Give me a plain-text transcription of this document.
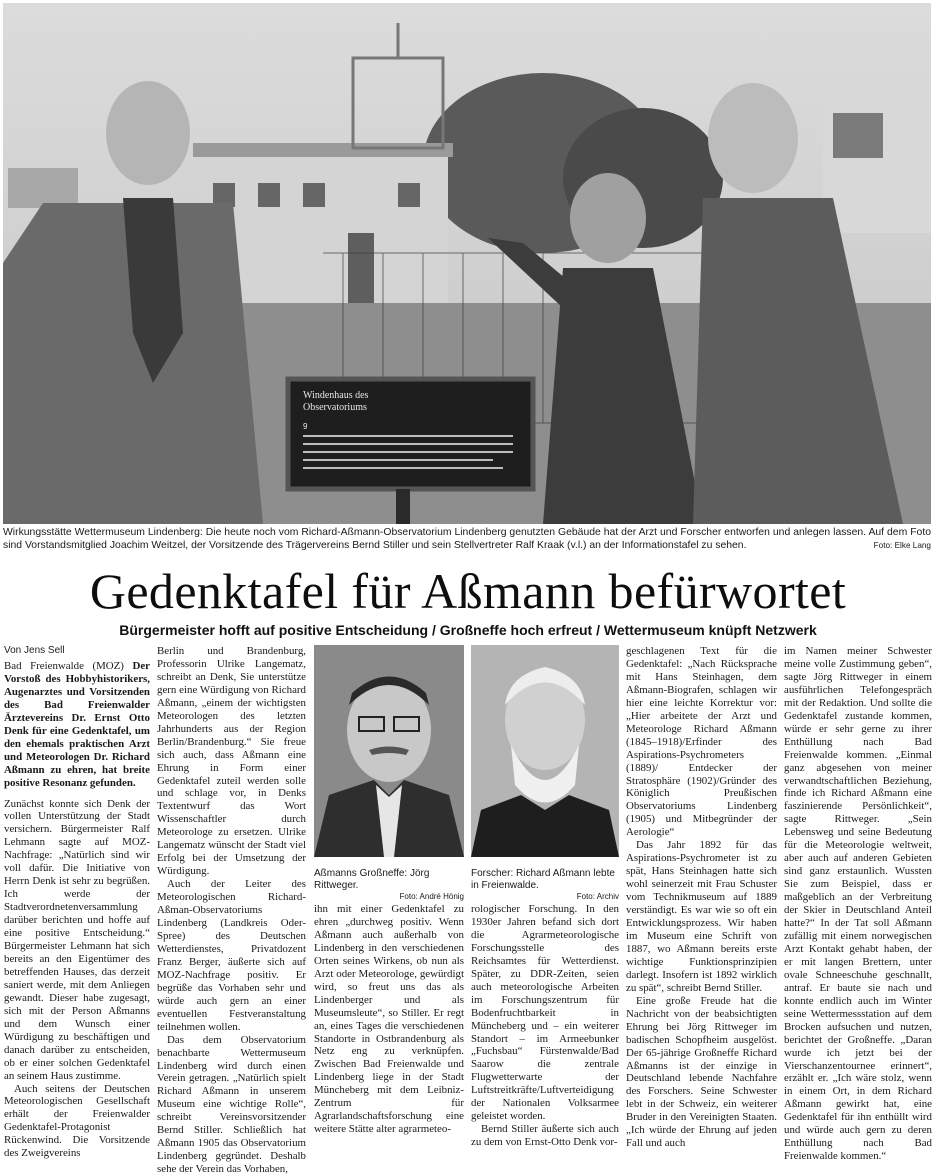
Windenhaus des
Observatoriums
9
Wirkungsstätte Wettermuseum Lindenberg: Die heute noch vom Richard-Aßmann-Observatorium Lindenberg genutzten Gebäude hat der Arzt und Forscher entworfen und anlegen lassen. Auf dem Foto sind Vorstandsmitglied Joachim Weitzel, der Vorsitzende des Trägervereins Bernd Stiller und sein Stellvertreter Ralf Kraak (v.l.) an der Informationstafel zu sehen.	Foto: Elke Lang
Gedenktafel für Aßmann befürwortet
Bürgermeister hofft auf positive Entscheidung / Großneffe hoch erfreut / Wettermuseum knüpft Netzwerk
Von Jens Sell

Bad Freienwalde (MOZ) Der Vorstoß des Hobbyhistorikers, Augenarztes und Vorsitzenden des Bad Freienwalder Ärztevereins Dr. Ernst Otto Denk für eine Gedenktafel, um den ehemals praktischen Arzt und Meteorologen Dr. Richard Aßmann zu ehren, hat breite positive Resonanz gefunden.

Zunächst konnte sich Denk der vollen Unterstützung der Stadt versichern. Bürgermeister Ralf Lehmann sagte auf MOZ-Nachfrage: „Natürlich sind wir voll dafür. Die Initiative von Herrn Denk ist sehr zu begrüßen. Ich werde der Stadtverordnetenversammlung darüber berichten und hoffe auf eine positive Entscheidung.“ Bürgermeister Lehmann hat sich bereits an den Eigentümer des betreffenden Hauses, das derzeit saniert werde, mit dem Anliegen gewandt. Dieser habe zugesagt, sich mit der Person Aßmanns und dem Wunsch einer Würdigung zu beschäftigen und danach darüber zu entscheiden, ob er einer solchen Gedenktafel an seinem Haus zustimme.

Auch seitens der Deutschen Meteorologischen Gesellschaft erhält der Freienwalder Gedenktafel-Protagonist Rückenwind. Die Vorsitzende des Zweigvereins

Berlin und Brandenburg, Professorin Ulrike Langematz, schreibt an Denk, Sie unterstütze gern eine Würdigung von Richard Aßmann, „einem der wichtigsten Meteorologen des letzten Jahrhunderts aus der Region Berlin/Brandenburg.“ Sie freue sich auch, dass Aßmann eine Ehrung in Form einer Gedenktafel zuteil werden solle und schlage vor, in Denks Textentwurf das Wort Wissenschaftler durch Meteorologe zu ersetzen. Ulrike Langematz wünscht der Stadt viel Erfolg bei der Umsetzung der Würdigung.

Auch der Leiter des Meteorologischen Richard-Aßman-Observatoriums Lindenberg (Landkreis Oder-Spree) des Deutschen Wetterdienstes, Privatdozent Franz Berger, äußerte sich auf MOZ-Nachfrage positiv. Er begrüße das Vorhaben sehr und würde auch gern an einer eventuellen Festveranstaltung teilnehmen wollen.

Das dem Observatorium benachbarte Wettermuseum Lindenberg wird durch einen Verein getragen. „Natürlich spielt Richard Aßmann in unserem Museum eine wichtige Rolle“, schreibt Vereinsvorsitzender Bernd Stiller. Schließlich hat Aßmann 1905 das Observatorium Lindenberg gegründet. Deshalb sehe der Verein das Vorhaben,

Aßmanns Großneffe: Jörg Rittweger.
Foto: André Hönig
Forscher: Richard Aßmann lebte in Freienwalde.
Foto: Archiv

ihn mit einer Gedenktafel zu ehren „durchweg positiv. Wenn Aßmann auch außerhalb von Lindenberg in den verschiedenen Orten seines Wirkens, ob nun als Arzt oder Meteorologe, gewürdigt wird, so freut uns das als Lindenberger und als Museumsleute“, so Stiller. Er regt an, eines Tages die verschiedenen Standorte in Ostbrandenburg als Netz eng zu verknüpfen. Zwischen Bad Freienwalde und Lindenberg liege in der Stadt Müncheberg mit dem Leibniz-Zentrum für Agrarlandschaftsforschung eine weitere Stätte alter agrarmeteo-

rologischer Forschung. In den 1930er Jahren befand sich dort die Agrarmeteorologische Forschungsstelle des Reichsamtes für Wetterdienst. Später, zu DDR-Zeiten, seien auch meteorologische Arbeiten im Forschungszentrum für Bodenfruchtbarkeit in Müncheberg und – ein weiterer Standort – im Armeebunker „Fuchsbau“ Fürstenwalde/Bad Saarow die zentrale Flugwetterwarte der Luftstreitkräfte/Luftverteidigung der Nationalen Volksarmee geleistet worden.

Bernd Stiller äußerte sich auch zu dem von Ernst-Otto Denk vor-

geschlagenen Text für die Gedenktafel: „Nach Rücksprache mit Hans Steinhagen, dem Aßmann-Biografen, schlagen wir hier eine leichte Korrektur vor: „Hier arbeitete der Arzt und Meteorologe Richard Aßmann (1845–1918)/Erfinder des Aspirations-Psychrometers (1889)/ Entdecker der Stratosphäre (1902)/Gründer des Königlich Preußischen Observatoriums Lindenberg (1905) und Mitbegründer der Aerologie“

Das Jahr 1892 für das Aspirations-Psychrometer ist zu spät, Hans Steinhagen hatte sich wohl seinerzeit mit Frau Schuster vom Technikmuseum auf 1889 verständigt. Es war wie so oft ein Entwicklungsprozess. Wir haben im Museum eine Schrift von 1887, wo Aßmann bereits erste wichtige Funktionsprinzipien darlegt. Insofern ist 1892 wirklich zu spät“, schreibt Bernd Stiller.

Eine große Freude hat die Nachricht von der beabsichtigten Ehrung bei Jörg Rittweger im badischen Schopfheim ausgelöst. Der 65-jährige Großneffe Richard Aßmanns ist der einzige in Deutschland lebende Nachfahre des Forschers. Seine Schwester lebt in der Schweiz, ein weiterer Bruder in den Vereinigten Staaten. „Ich würde der Ehrung auf jeden Fall und auch

im Namen meiner Schwester meine volle Zustimmung geben“, sagte Jörg Rittweger in einem ausführlichen Telefongespräch mit der Redaktion. Und sollte die Gedenktafel zustande kommen, würde er sehr gerne zu ihrer Enthüllung nach Bad Freienwalde kommen. „Einmal ganz abgesehen von meiner verwandtschaftlichen Beziehung, finde ich Richard Aßmann eine faszinierende Persönlichkeit“, sagte Rittweger. „Sein Lebensweg und seine Bedeutung für die Meteorologie weltweit, aber auch auf anderen Gebieten sind ganz erstaunlich. Wussten Sie zum Beispiel, dass er maßgeblich an der Verbreitung der Skier in Deutschland Anteil hatte?“ In der Tat soll Aßmann zufällig mit einem norwegischen Arzt Kontakt gehabt haben, der er mit langen Brettern, unter ovale Schneeschuhe geschnallt, antraf. Er baute sie nach und konnte endlich auch im Winter seine Wettermessstation auf dem Brocken aufsuchen und nutzen, berichtet der Großneffe. „Daran wurde ich jetzt bei der Vierschanzentournee erinnert“, erzählt er. „Ich wäre stolz, wenn in einem Ort, in dem Richard Aßmann gewirkt hat, eine Gedenktafel für ihn enthüllt wird und würde auch gern zu deren Enthüllung nach Bad Freienwalde kommen.“
